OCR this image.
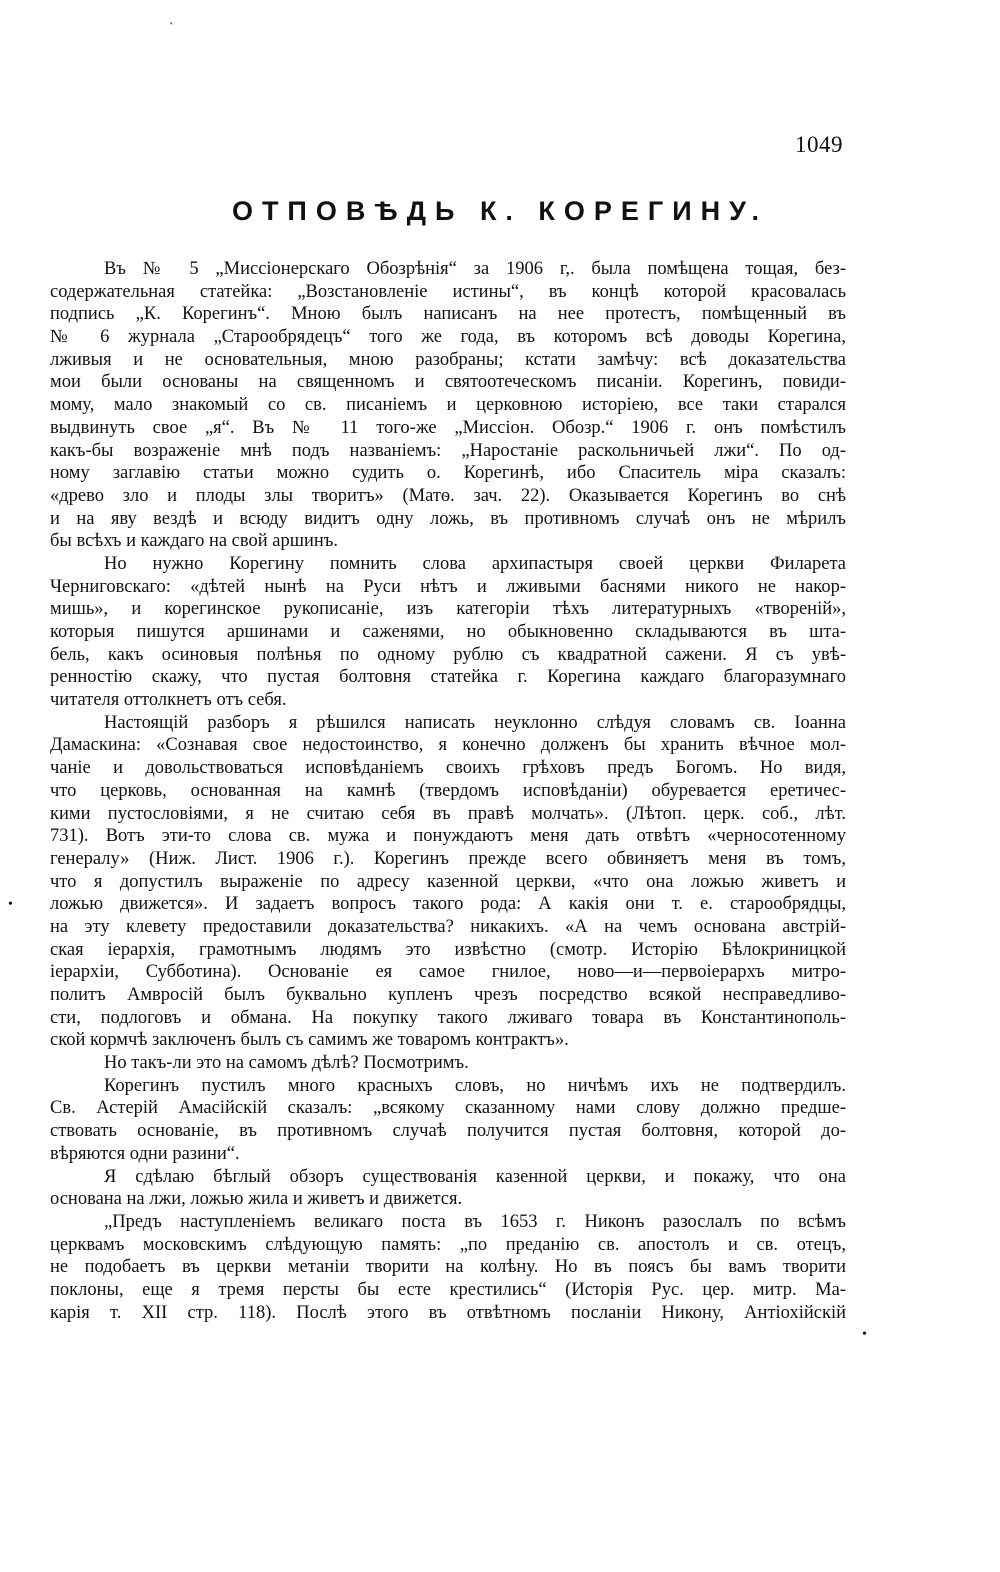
ˋ
•
•
1049
ОТПОВѢДЬ К. КОРЕГИНУ.
Въ № 5 „Миссіонерскаго Обозрѣнія“ за 1906 г,. была помѣщена тощая, без-
содержательная статейка: „Возстановленіе истины“, въ концѣ которой красовалась
подпись „К. Корегинъ“. Мною былъ написанъ на нее протестъ, помѣщенный въ
№ 6 журнала „Старообрядецъ“ того же года, въ которомъ всѣ доводы Корегина,
лживыя и не основательныя, мною разобраны; кстати замѣчу: всѣ доказательства
мои были основаны на священномъ и святоотеческомъ писаніи. Корегинъ, повиди-
мому, мало знакомый со св. писаніемъ и церковною исторіею, все таки старался
выдвинуть свое „я“. Въ № 11 того-же „Мисcіон. Обозр.“ 1906 г. онъ помѣстилъ
какъ-бы возраженіе мнѣ подъ названіемъ: „Наростаніе раскольничьей лжи“. По од-
ному заглавію статьи можно судить о. Корегинѣ, ибо Спаситель міра сказалъ:
«древо зло и плоды злы творитъ» (Матѳ. зач. 22). Оказывается Корегинъ во снѣ
и на яву вездѣ и всюду видитъ одну ложь, въ противномъ случаѣ онъ не мѣрилъ
бы всѣхъ и каждаго на свой аршинъ.
Но нужно Корегину помнить слова архипастыря своей церкви Филарета
Черниговскаго: «дѣтей нынѣ на Руси нѣтъ и лживыми баснями никого не накор-
мишь», и корегинское рукописаніе, изъ категоріи тѣхъ литературныхъ «твореній»,
которыя пишутся аршинами и саженями, но обыкновенно складываются въ шта-
бель, какъ осиновыя полѣнья по одному рублю съ квадратной сажени. Я съ увѣ-
ренностію скажу, что пустая болтовня статейка г. Корегина каждаго благоразумнаго
читателя оттолкнетъ отъ себя.
Настоящій разборъ я рѣшился написать неуклонно слѣдуя словамъ св. Іоанна
Дамаскина: «Сознавая свое недостоинство, я конечно долженъ бы хранить вѣчное мол-
чаніе и довольствоваться исповѣданіемъ своихъ грѣховъ предъ Богомъ. Но видя,
что церковь, основанная на камнѣ (твердомъ исповѣданіи) обуревается еретичес-
кими пустословіями, я не считаю себя въ правѣ молчать». (Лѣтоп. церк. соб., лѣт.
731). Вотъ эти-то слова св. мужа и понуждаютъ меня дать отвѣтъ «черносотенному
генералу» (Ниж. Лист. 1906 г.). Корегинъ прежде всего обвиняетъ меня въ томъ,
что я допустилъ выраженіе по адресу казенной церкви, «что она ложью живетъ и
ложью движется». И задаетъ вопросъ такого рода: А какія они т. е. старообрядцы,
на эту клевету предоставили доказательства? никакихъ. «А на чемъ основана австрій-
ская іерархія, грамотнымъ людямъ это извѣстно (смотр. Исторію Бѣлокриницкой
іерархіи, Субботина). Основаніе ея самое гнилое, ново—и—первоіерархъ митро-
политъ Амвросій былъ буквально купленъ чрезъ посредство всякой несправедливо-
сти, подлоговъ и обмана. На покупку такого лживаго товара въ Константинополь-
ской кормчѣ заключенъ былъ съ самимъ же товаромъ контрактъ».
Но такъ-ли это на самомъ дѣлѣ? Посмотримъ.
Корегинъ пустилъ много красныхъ словъ, но ничѣмъ ихъ не подтвердилъ.
Св. Астерій Амасійскій сказалъ: „всякому сказанному нами слову должно предше-
ствовать основаніе, въ противномъ случаѣ получится пустая болтовня, которой до-
вѣряются одни разини“.
Я сдѣлаю бѣглый обзоръ существованія казенной церкви, и покажу, что она
основана на лжи, ложью жила и живетъ и движется.
„Предъ наступленіемъ великаго поста въ 1653 г. Никонъ разослалъ по всѣмъ
церквамъ московскимъ слѣдующую память: „по преданію св. апостолъ и св. отецъ,
не подобаетъ въ церкви метаніи творити на колѣну. Но въ поясъ бы вамъ творити
поклоны, еще я тремя персты бы есте крестились“ (Исторія Рус. цер. митр. Ма-
карія т. XII стр. 118). Послѣ этого въ отвѣтномъ посланіи Никону, Антіохійскій
